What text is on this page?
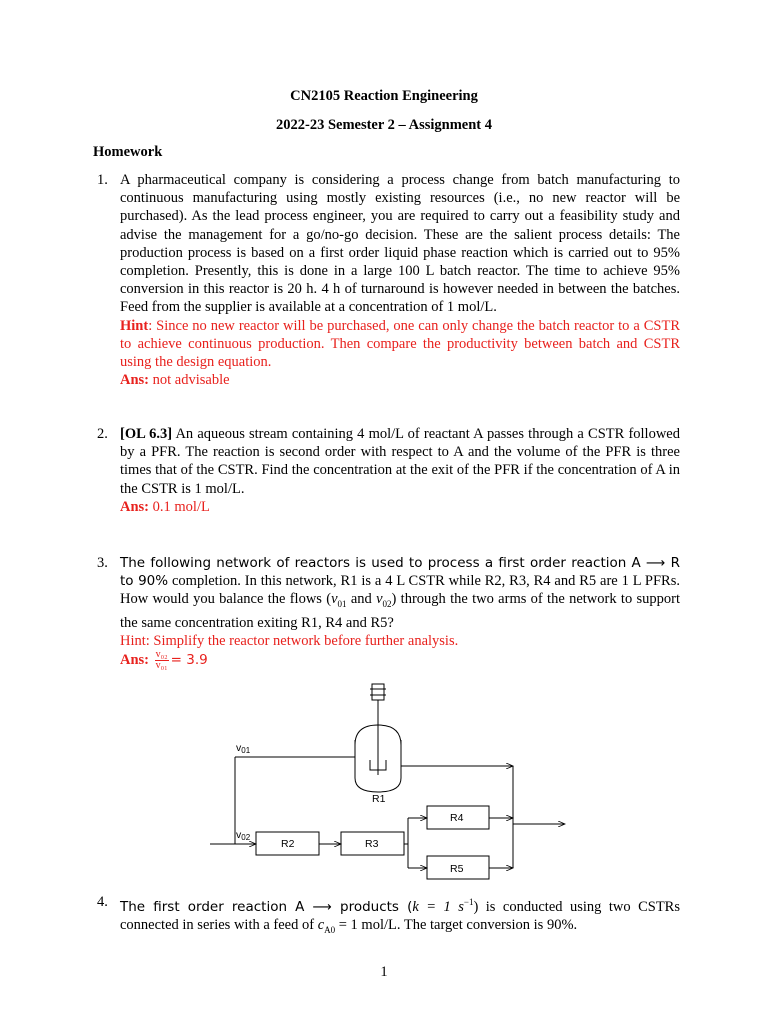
CN2105 Reaction Engineering
2022-23 Semester 2 – Assignment 4
Homework
1. A pharmaceutical company is considering a process change from batch manufacturing to continuous manufacturing using mostly existing resources (i.e., no new reactor will be purchased). As the lead process engineer, you are required to carry out a feasibility study and advise the management for a go/no-go decision. These are the salient process details: The production process is based on a first order liquid phase reaction which is carried out to 95% completion. Presently, this is done in a large 100 L batch reactor. The time to achieve 95% conversion in this reactor is 20 h. 4 h of turnaround is however needed in between the batches. Feed from the supplier is available at a concentration of 1 mol/L.
Hint: Since no new reactor will be purchased, one can only change the batch reactor to a CSTR to achieve continuous production. Then compare the productivity between batch and CSTR using the design equation.
Ans: not advisable
2. [OL 6.3] An aqueous stream containing 4 mol/L of reactant A passes through a CSTR followed by a PFR. The reaction is second order with respect to A and the volume of the PFR is three times that of the CSTR. Find the concentration at the exit of the PFR if the concentration of A in the CSTR is 1 mol/L.
Ans: 0.1 mol/L
3. The following network of reactors is used to process a first order reaction A ⟶ R to 90% completion. In this network, R1 is a 4 L CSTR while R2, R3, R4 and R5 are 1 L PFRs. How would you balance the flows ($v_{01}$ and $v_{02}$) through the two arms of the network to support the same concentration exiting R1, R4 and R5?
Hint: Simplify the reactor network before further analysis.
Ans: $\frac{\text{v₀₂}}{\text{v₀₁}} = 3.9$
v01
v02
R1
R2	R3
R4
R5
4. The first order reaction A ⟶ products (k = 1 $s^{-1}$) is conducted using two CSTRs connected in series with a feed of $c_{A0} = 1$ mol/L. The target conversion is 90%.
1
